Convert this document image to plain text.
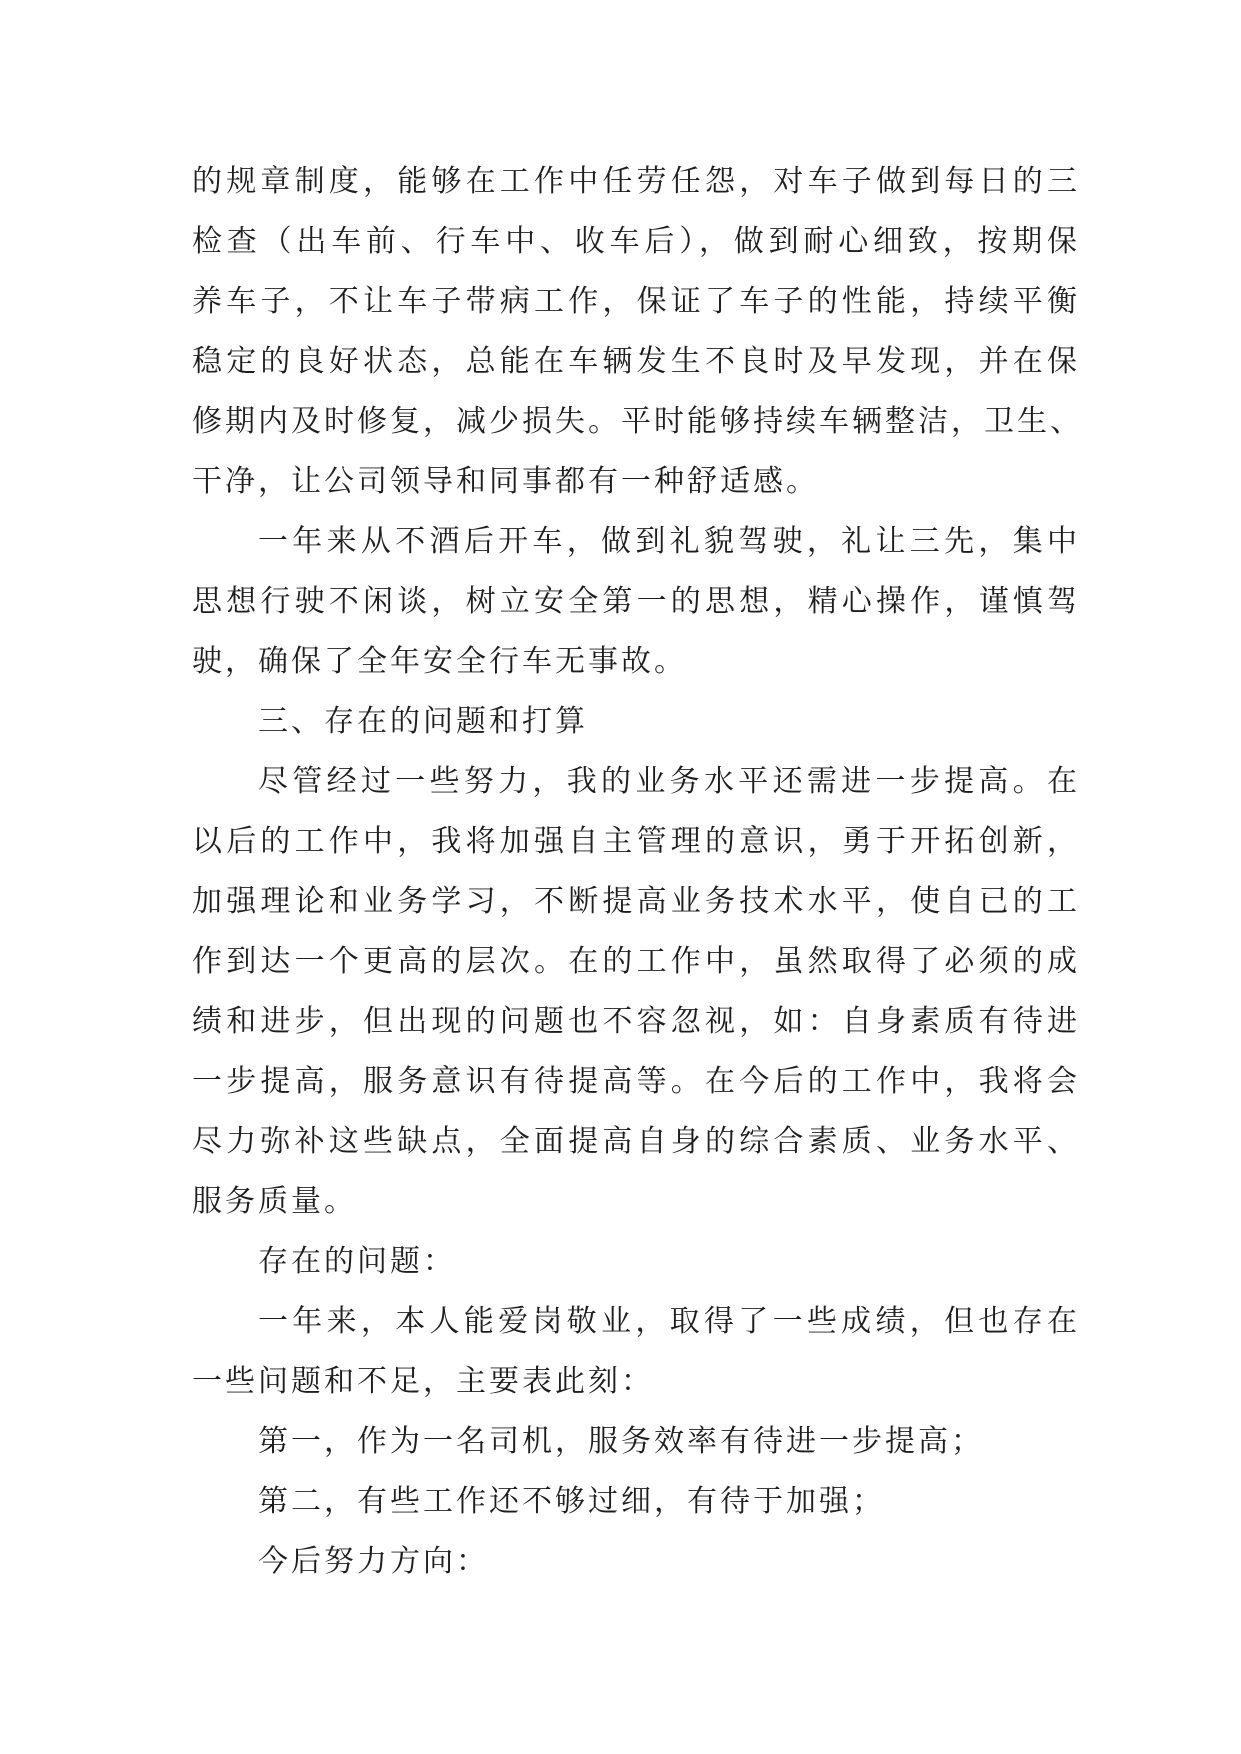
的规章制度，能够在工作中任劳任怨，对车子做到每日的三
检查（出车前、行车中、收车后），做到耐心细致，按期保
养车子，不让车子带病工作，保证了车子的性能，持续平衡
稳定的良好状态，总能在车辆发生不良时及早发现，并在保
修期内及时修复，减少损失。平时能够持续车辆整洁，卫生、
干净，让公司领导和同事都有一种舒适感。
一年来从不酒后开车，做到礼貌驾驶，礼让三先，集中
思想行驶不闲谈，树立安全第一的思想，精心操作，谨慎驾
驶，确保了全年安全行车无事故。
三、存在的问题和打算
尽管经过一些努力，我的业务水平还需进一步提高。在
以后的工作中，我将加强自主管理的意识，勇于开拓创新，
加强理论和业务学习，不断提高业务技术水平，使自已的工
作到达一个更高的层次。在的工作中，虽然取得了必须的成
绩和进步，但出现的问题也不容忽视，如：自身素质有待进
一步提高，服务意识有待提高等。在今后的工作中，我将会
尽力弥补这些缺点，全面提高自身的综合素质、业务水平、
服务质量。
存在的问题：
一年来，本人能爱岗敬业，取得了一些成绩，但也存在
一些问题和不足，主要表此刻：
第一，作为一名司机，服务效率有待进一步提高；
第二，有些工作还不够过细，有待于加强；
今后努力方向：
